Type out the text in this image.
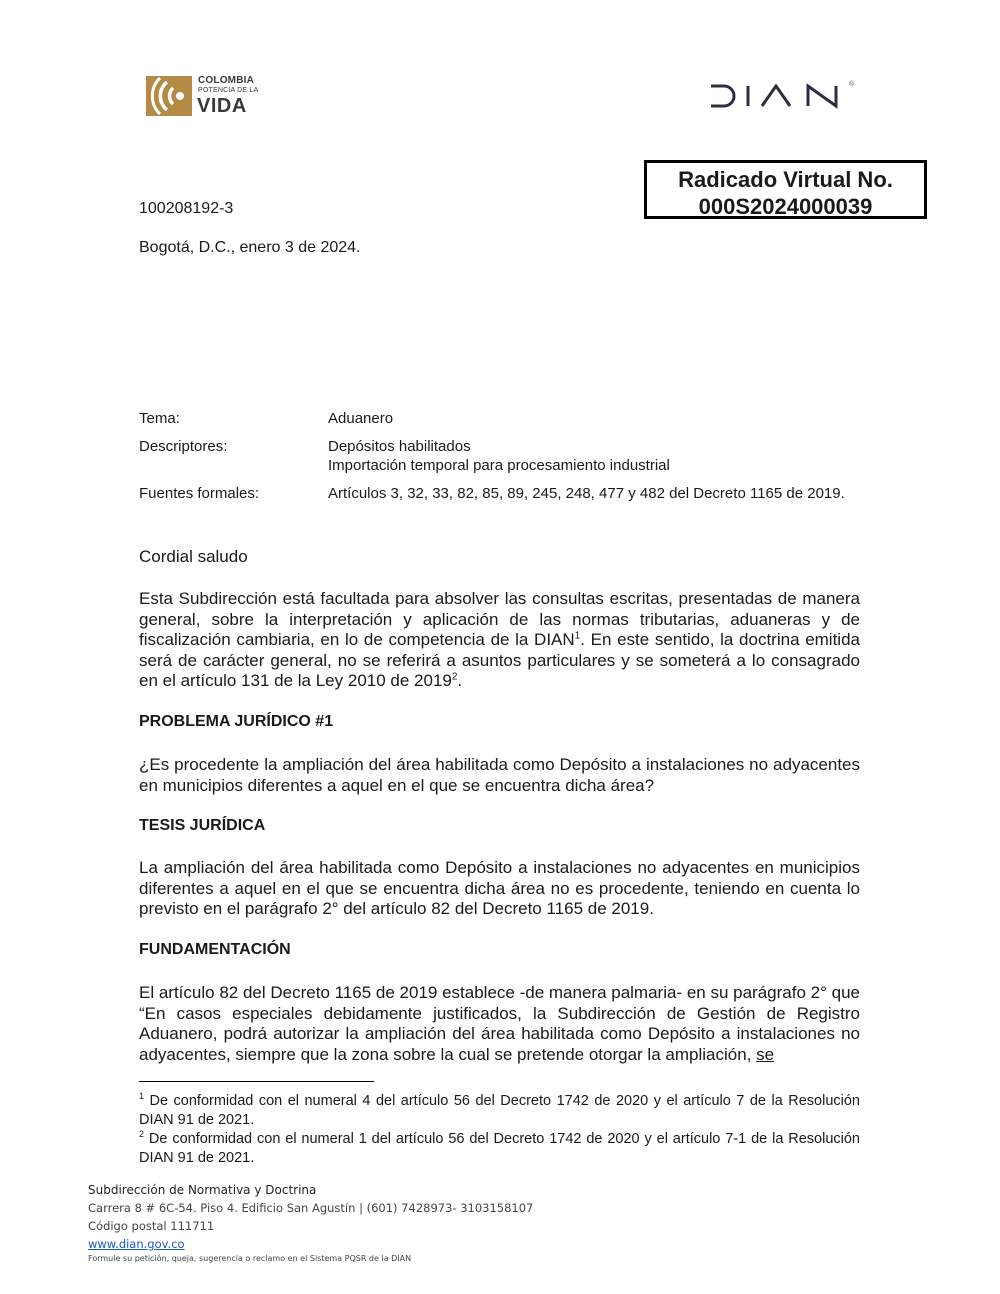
COLOMBIA
POTENCIA DE LA
VIDA
®
Radicado Virtual No.
000S2024000039
100208192-3
Bogotá, D.C., enero 3 de 2024.
Tema:	Aduanero
Descriptores:	Depósitos habilitados
Importación temporal para procesamiento industrial
Fuentes formales:	Artículos 3, 32, 33, 82, 85, 89, 245, 248, 477 y 482 del Decreto 1165 de 2019.
Cordial saludo
Esta Subdirección está facultada para absolver las consultas escritas, presentadas de manera general, sobre la interpretación y aplicación de las normas tributarias, aduaneras y de fiscalización cambiaria, en lo de competencia de la DIAN$^1$. En este sentido, la doctrina emitida será de carácter general, no se referirá a asuntos particulares y se someterá a lo consagrado en el artículo 131 de la Ley 2010 de 2019$^2$.
PROBLEMA JURÍDICO #1
¿Es procedente la ampliación del área habilitada como Depósito a instalaciones no adyacentes en municipios diferentes a aquel en el que se encuentra dicha área?
TESIS JURÍDICA
La ampliación del área habilitada como Depósito a instalaciones no adyacentes en municipios diferentes a aquel en el que se encuentra dicha área no es procedente, teniendo en cuenta lo previsto en el parágrafo 2° del artículo 82 del Decreto 1165 de 2019.
FUNDAMENTACIÓN
El artículo 82 del Decreto 1165 de 2019 establece -de manera palmaria- en su parágrafo 2° que “En casos especiales debidamente justificados, la Subdirección de Gestión de Registro Aduanero, podrá autorizar la ampliación del área habilitada como Depósito a instalaciones no adyacentes, siempre que la zona sobre la cual se pretende otorgar la ampliación, se
$^1$ De conformidad con el numeral 4 del artículo 56 del Decreto 1742 de 2020 y el artículo 7 de la Resolución DIAN 91 de 2021.
$^2$ De conformidad con el numeral 1 del artículo 56 del Decreto 1742 de 2020 y el artículo 7-1 de la Resolución DIAN 91 de 2021.
Subdirección de Normativa y Doctrina
Carrera 8 # 6C-54. Piso 4. Edificio San Agustín | (601) 7428973- 3103158107
Código postal 111711
www.dian.gov.co
Formule su petición, queja, sugerencia o reclamo en el Sistema PQSR de la DIAN
